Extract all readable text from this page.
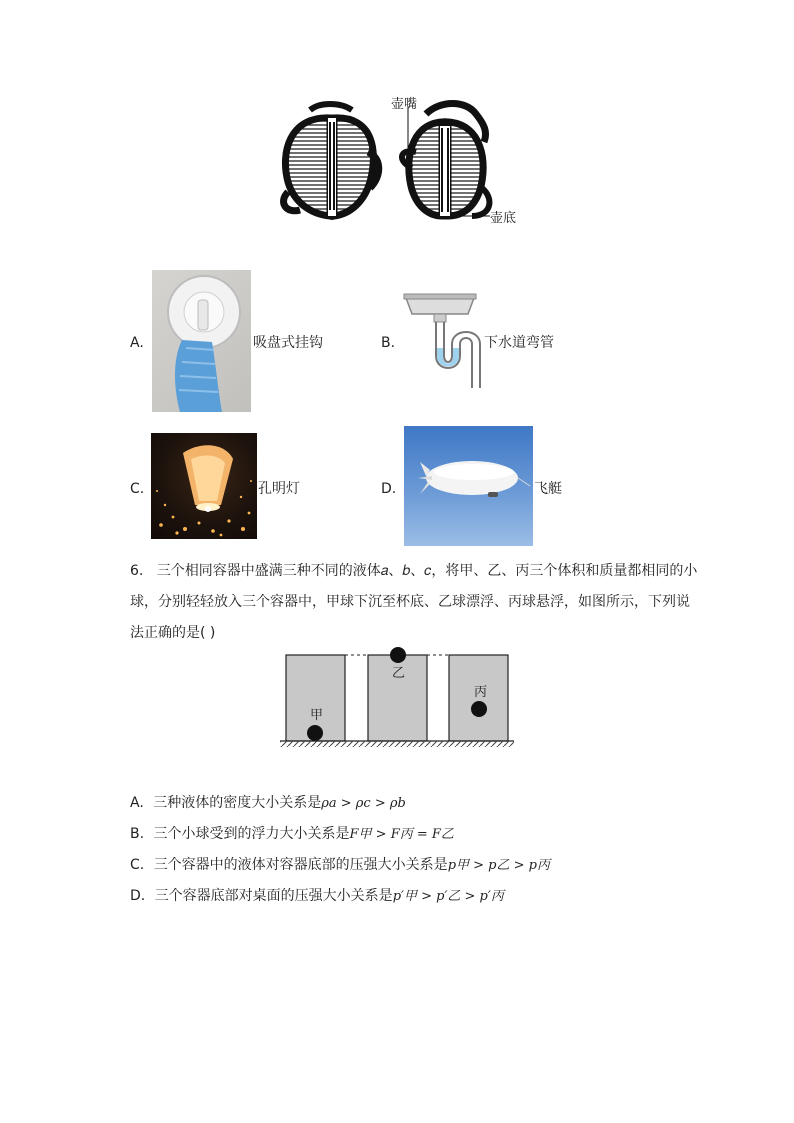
壶嘴
壶底
A.	吸盘式挂钩	B.	下水道弯管
C.	孔明灯	D.	飞艇
6. 三个相同容器中盛满三种不同的液体𝑎、𝑏、𝑐，将甲、乙、丙三个体积和质量都相同的小
球，分别轻轻放入三个容器中，甲球下沉至杯底、乙球漂浮、丙球悬浮，如图所示，下列说
法正确的是( )
甲
乙
丙
A. 三种液体的密度大小关系是ρa > ρc > ρb
B. 三个小球受到的浮力大小关系是F甲 > F丙 = F乙
C. 三个容器中的液体对容器底部的压强大小关系是p甲 > p乙 > p丙
D. 三个容器底部对桌面的压强大小关系是p′甲 > p′乙 > p′丙
